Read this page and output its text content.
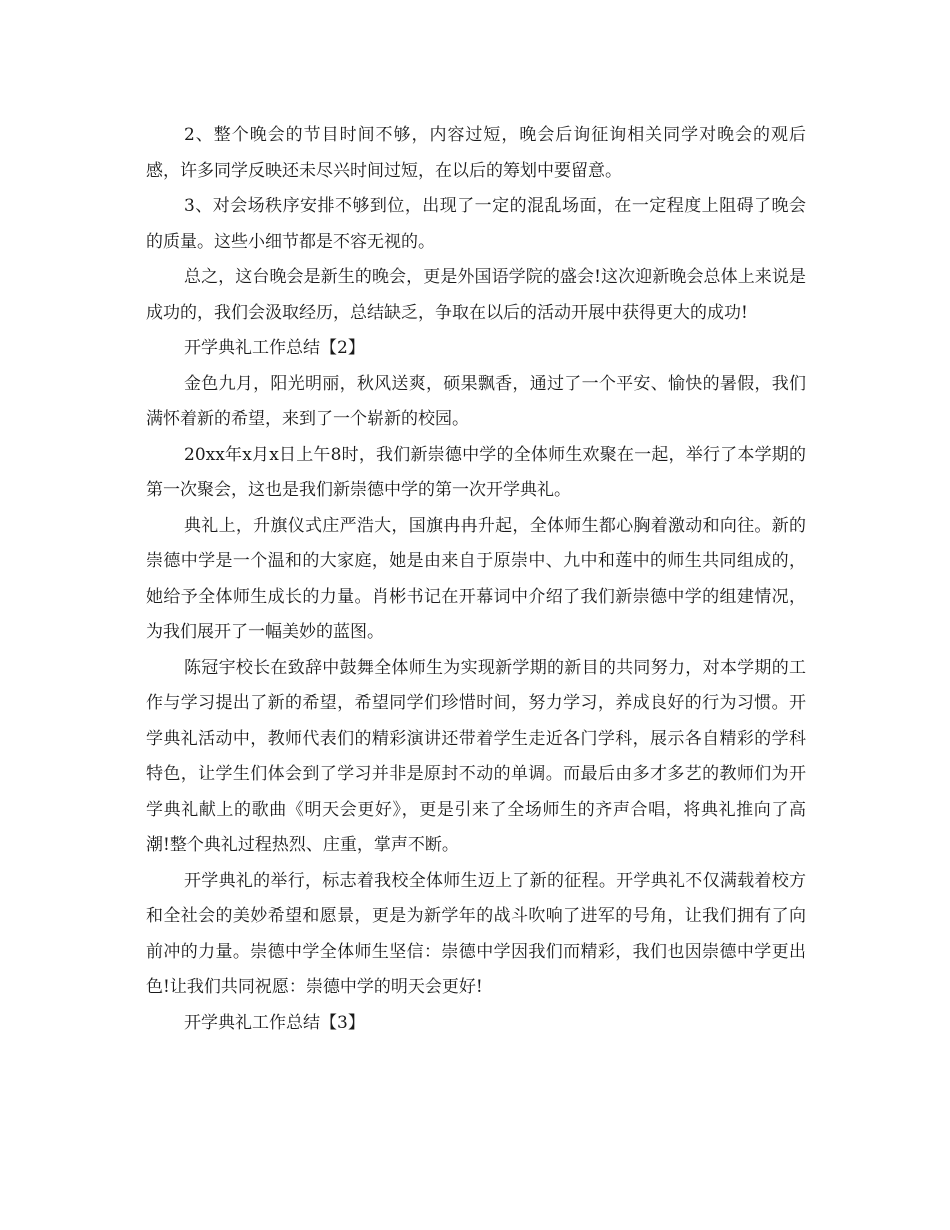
2、整个晚会的节目时间不够，内容过短，晚会后询征询相关同学对晚会的观后感，许多同学反映还未尽兴时间过短，在以后的筹划中要留意。

3、对会场秩序安排不够到位，出现了一定的混乱场面，在一定程度上阻碍了晚会的质量。这些小细节都是不容无视的。

总之，这台晚会是新生的晚会，更是外国语学院的盛会!这次迎新晚会总体上来说是成功的，我们会汲取经历，总结缺乏，争取在以后的活动开展中获得更大的成功!

开学典礼工作总结【2】

金色九月，阳光明丽，秋风送爽，硕果飘香，通过了一个平安、愉快的暑假，我们满怀着新的希望，来到了一个崭新的校园。

20xx年x月x日上午8时，我们新崇德中学的全体师生欢聚在一起，举行了本学期的第一次聚会，这也是我们新崇德中学的第一次开学典礼。

典礼上，升旗仪式庄严浩大，国旗冉冉升起，全体师生都心胸着激动和向往。新的崇德中学是一个温和的大家庭，她是由来自于原崇中、九中和莲中的师生共同组成的，她给予全体师生成长的力量。肖彬书记在开幕词中介绍了我们新崇德中学的组建情况，为我们展开了一幅美妙的蓝图。

陈冠宇校长在致辞中鼓舞全体师生为实现新学期的新目的共同努力，对本学期的工作与学习提出了新的希望，希望同学们珍惜时间，努力学习，养成良好的行为习惯。开学典礼活动中，教师代表们的精彩演讲还带着学生走近各门学科，展示各自精彩的学科特色，让学生们体会到了学习并非是原封不动的单调。而最后由多才多艺的教师们为开学典礼献上的歌曲《明天会更好》，更是引来了全场师生的齐声合唱，将典礼推向了高潮!整个典礼过程热烈、庄重，掌声不断。

开学典礼的举行，标志着我校全体师生迈上了新的征程。开学典礼不仅满载着校方和全社会的美妙希望和愿景，更是为新学年的战斗吹响了进军的号角，让我们拥有了向前冲的力量。崇德中学全体师生坚信：崇德中学因我们而精彩，我们也因崇德中学更出色!让我们共同祝愿：崇德中学的明天会更好!

开学典礼工作总结【3】
